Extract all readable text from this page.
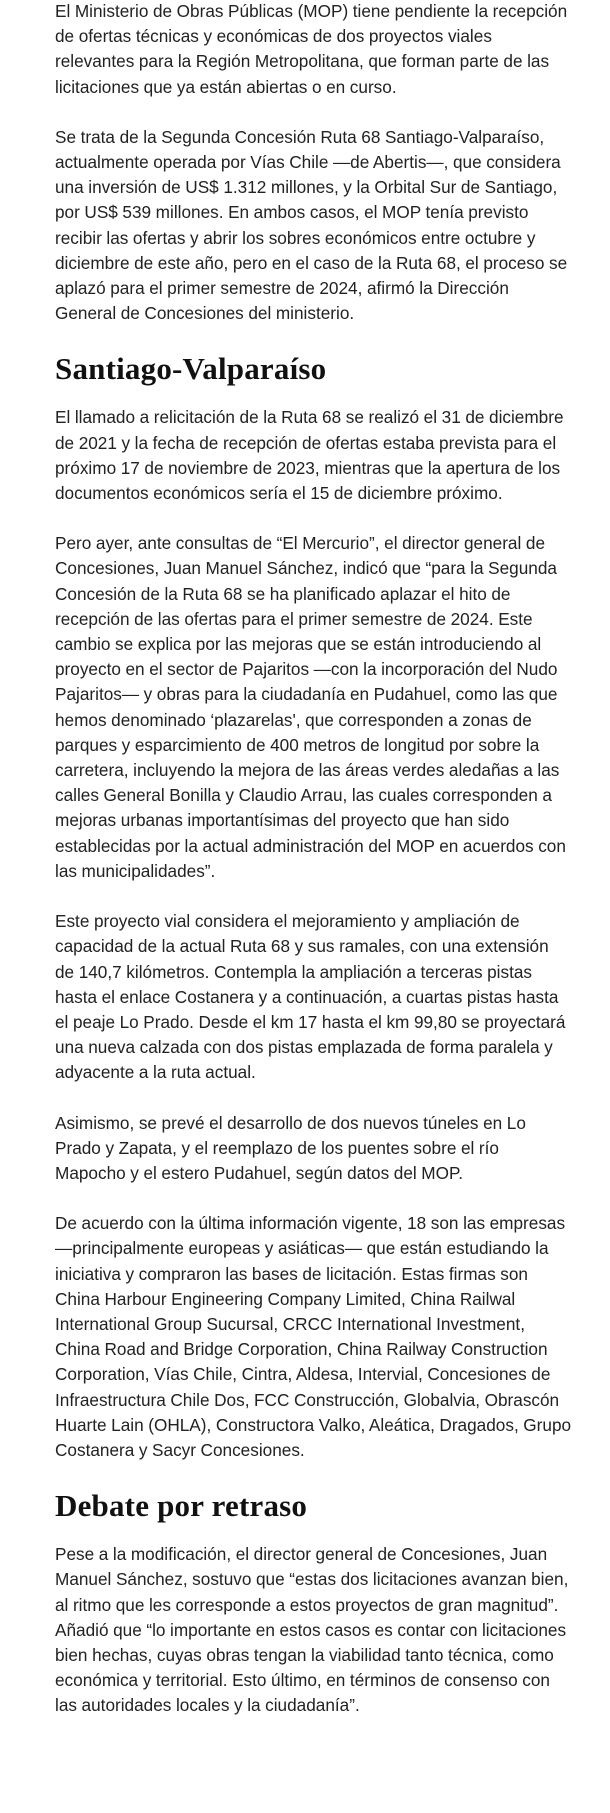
El Ministerio de Obras Públicas (MOP) tiene pendiente la recepción de ofertas técnicas y económicas de dos proyectos viales relevantes para la Región Metropolitana, que forman parte de las licitaciones que ya están abiertas o en curso.

Se trata de la Segunda Concesión Ruta 68 Santiago-Valparaíso, actualmente operada por Vías Chile —de Abertis—, que considera una inversión de US$ 1.312 millones, y la Orbital Sur de Santiago, por US$ 539 millones. En ambos casos, el MOP tenía previsto recibir las ofertas y abrir los sobres económicos entre octubre y diciembre de este año, pero en el caso de la Ruta 68, el proceso se aplazó para el primer semestre de 2024, afirmó la Dirección General de Concesiones del ministerio.

Santiago-Valparaíso

El llamado a relicitación de la Ruta 68 se realizó el 31 de diciembre de 2021 y la fecha de recepción de ofertas estaba prevista para el próximo 17 de noviembre de 2023, mientras que la apertura de los documentos económicos sería el 15 de diciembre próximo.

Pero ayer, ante consultas de “El Mercurio”, el director general de Concesiones, Juan Manuel Sánchez, indicó que “para la Segunda Concesión de la Ruta 68 se ha planificado aplazar el hito de recepción de las ofertas para el primer semestre de 2024. Este cambio se explica por las mejoras que se están introduciendo al proyecto en el sector de Pajaritos —con la incorporación del Nudo Pajaritos— y obras para la ciudadanía en Pudahuel, como las que hemos denominado ‘plazarelas', que corresponden a zonas de parques y esparcimiento de 400 metros de longitud por sobre la carretera, incluyendo la mejora de las áreas verdes aledañas a las calles General Bonilla y Claudio Arrau, las cuales corresponden a mejoras urbanas importantísimas del proyecto que han sido establecidas por la actual administración del MOP en acuerdos con las municipalidades”.

Este proyecto vial considera el mejoramiento y ampliación de capacidad de la actual Ruta 68 y sus ramales, con una extensión de 140,7 kilómetros. Contempla la ampliación a terceras pistas hasta el enlace Costanera y a continuación, a cuartas pistas hasta el peaje Lo Prado. Desde el km 17 hasta el km 99,80 se proyectará una nueva calzada con dos pistas emplazada de forma paralela y adyacente a la ruta actual.

Asimismo, se prevé el desarrollo de dos nuevos túneles en Lo Prado y Zapata, y el reemplazo de los puentes sobre el río Mapocho y el estero Pudahuel, según datos del MOP.

De acuerdo con la última información vigente, 18 son las empresas —principalmente europeas y asiáticas— que están estudiando la iniciativa y compraron las bases de licitación. Estas firmas son China Harbour Engineering Company Limited, China Railwal International Group Sucursal, CRCC International Investment, China Road and Bridge Corporation, China Railway Construction Corporation, Vías Chile, Cintra, Aldesa, Intervial, Concesiones de Infraestructura Chile Dos, FCC Construcción, Globalvia, Obrascón Huarte Lain (OHLA), Constructora Valko, Aleática, Dragados, Grupo Costanera y Sacyr Concesiones.

Debate por retraso

Pese a la modificación, el director general de Concesiones, Juan Manuel Sánchez, sostuvo que “estas dos licitaciones avanzan bien, al ritmo que les corresponde a estos proyectos de gran magnitud”. Añadió que “lo importante en estos casos es contar con licitaciones bien hechas, cuyas obras tengan la viabilidad tanto técnica, como económica y territorial. Esto último, en términos de consenso con las autoridades locales y la ciudadanía”.
